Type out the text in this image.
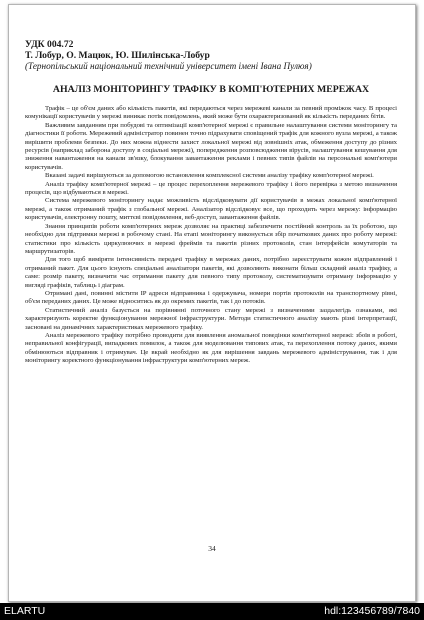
УДК 004.72

Т. Лобур, О. Мацюк, Ю. Шилінська-Лобур

(Тернопільський національний технічний університет імені Івана Пулюя)

АНАЛІЗ МОНІТОРИНГУ ТРАФІКУ В КОМП'ЮТЕРНИХ МЕРЕЖАХ

Трафік – це об'єм даних або кількість пакетів, які передаються через мережеві канали за певний проміжок часу. В процесі комунікації користувачів у мережі виникає потік повідомлень, який може бути охарактеризований як кількість переданих бітів.

Важливим завданням при побудові та оптимізації комп'ютерної мережі є правильне налаштування системи моніторингу та діагностики її роботи. Мережевий адміністратор повинен точно підрахувати сповіщений трафік для кожного вузла мережі, а також вирішити проблеми безпеки. До них можна віднести захист локальної мережі від зовнішніх атак, обмеження доступу до різних ресурсів (наприклад заборона доступу в соціальні мережі), попередження розповсюдження вірусів, налаштування кешування для зниження навантаження на канали зв'язку, блокування завантаження реклами і певних типів файлів на персональні комп'ютери користувачів.

Вказані задачі вирішуються за допомогою встановлення комплексної системи аналізу трафіку комп'ютерної мережі.

Аналіз трафіку комп'ютерної мережі – це процес перехоплення мережевого трафіку і його перевірка з метою визначення процесів, що відбуваються в мережі.

Система мережевого моніторингу надає можливість відслідковувати дії користувачів в межах локальної комп'ютерної мережі, а також отриманий трафік з глобальної мережі. Аналізатор відслідковує все, що проходить через мережу: інформацію користувачів, електронну пошту, миттєві повідомлення, веб-доступ, завантаження файлів.

Знання принципів роботи комп'ютерних мереж дозволяє на практиці забезпечити постійний контроль за їх роботою, що необхідно для підтримки мережі в робочому стані. На етапі моніторингу виконується збір початкових даних про роботу мережі: статистики про кількість циркулюючих в мережі фреймів та пакетів різних протоколів, стан інтерфейсів комутаторів та маршрутизаторів.

Для того щоб виміряти інтенсивність передачі трафіку в мережах даних, потрібно зареєструвати кожен відправлений і отриманий пакет. Для цього існують спеціальні аналізатори пакетів, які дозволяють виконати більш складний аналіз трафіку, а саме: розмір пакету, визначити час отримання пакету для певного типу протоколу, систематизувати отриману інформацію у вигляді графіків, таблиць і діаграм.

Отримані дані, повинні містити IP адреси відправника і одержувача, номери портів протоколів на транспортному рівні, об'єм переданих даних. Це може відноситись як до окремих пакетів, так і до потоків.

Статистичний аналіз базується на порівнянні поточного стану мережі з визначеними заздалегідь ознаками, які характеризують коректне функціонування мережної інфраструктури. Методи статистичного аналізу мають різні інтерпретації, засновані на динамічних характеристиках мережевого трафіку.

Аналіз мережевого трафіку потрібно проводити для виявлення аномальної поведінки комп'ютерної мережі: збоїв в роботі, неправильної конфігурації, випадкових помилок, а також для моделювання типових атак, та перехоплення потоку даних, якими обмінюються відправник і отримувач. Це вкрай необхідно як для вирішення завдань мережевого адміністрування, так і для моніторингу коректного функціонування інфраструктури комп'ютерних мереж.

34
ELARTU	hdl:123456789/7840
